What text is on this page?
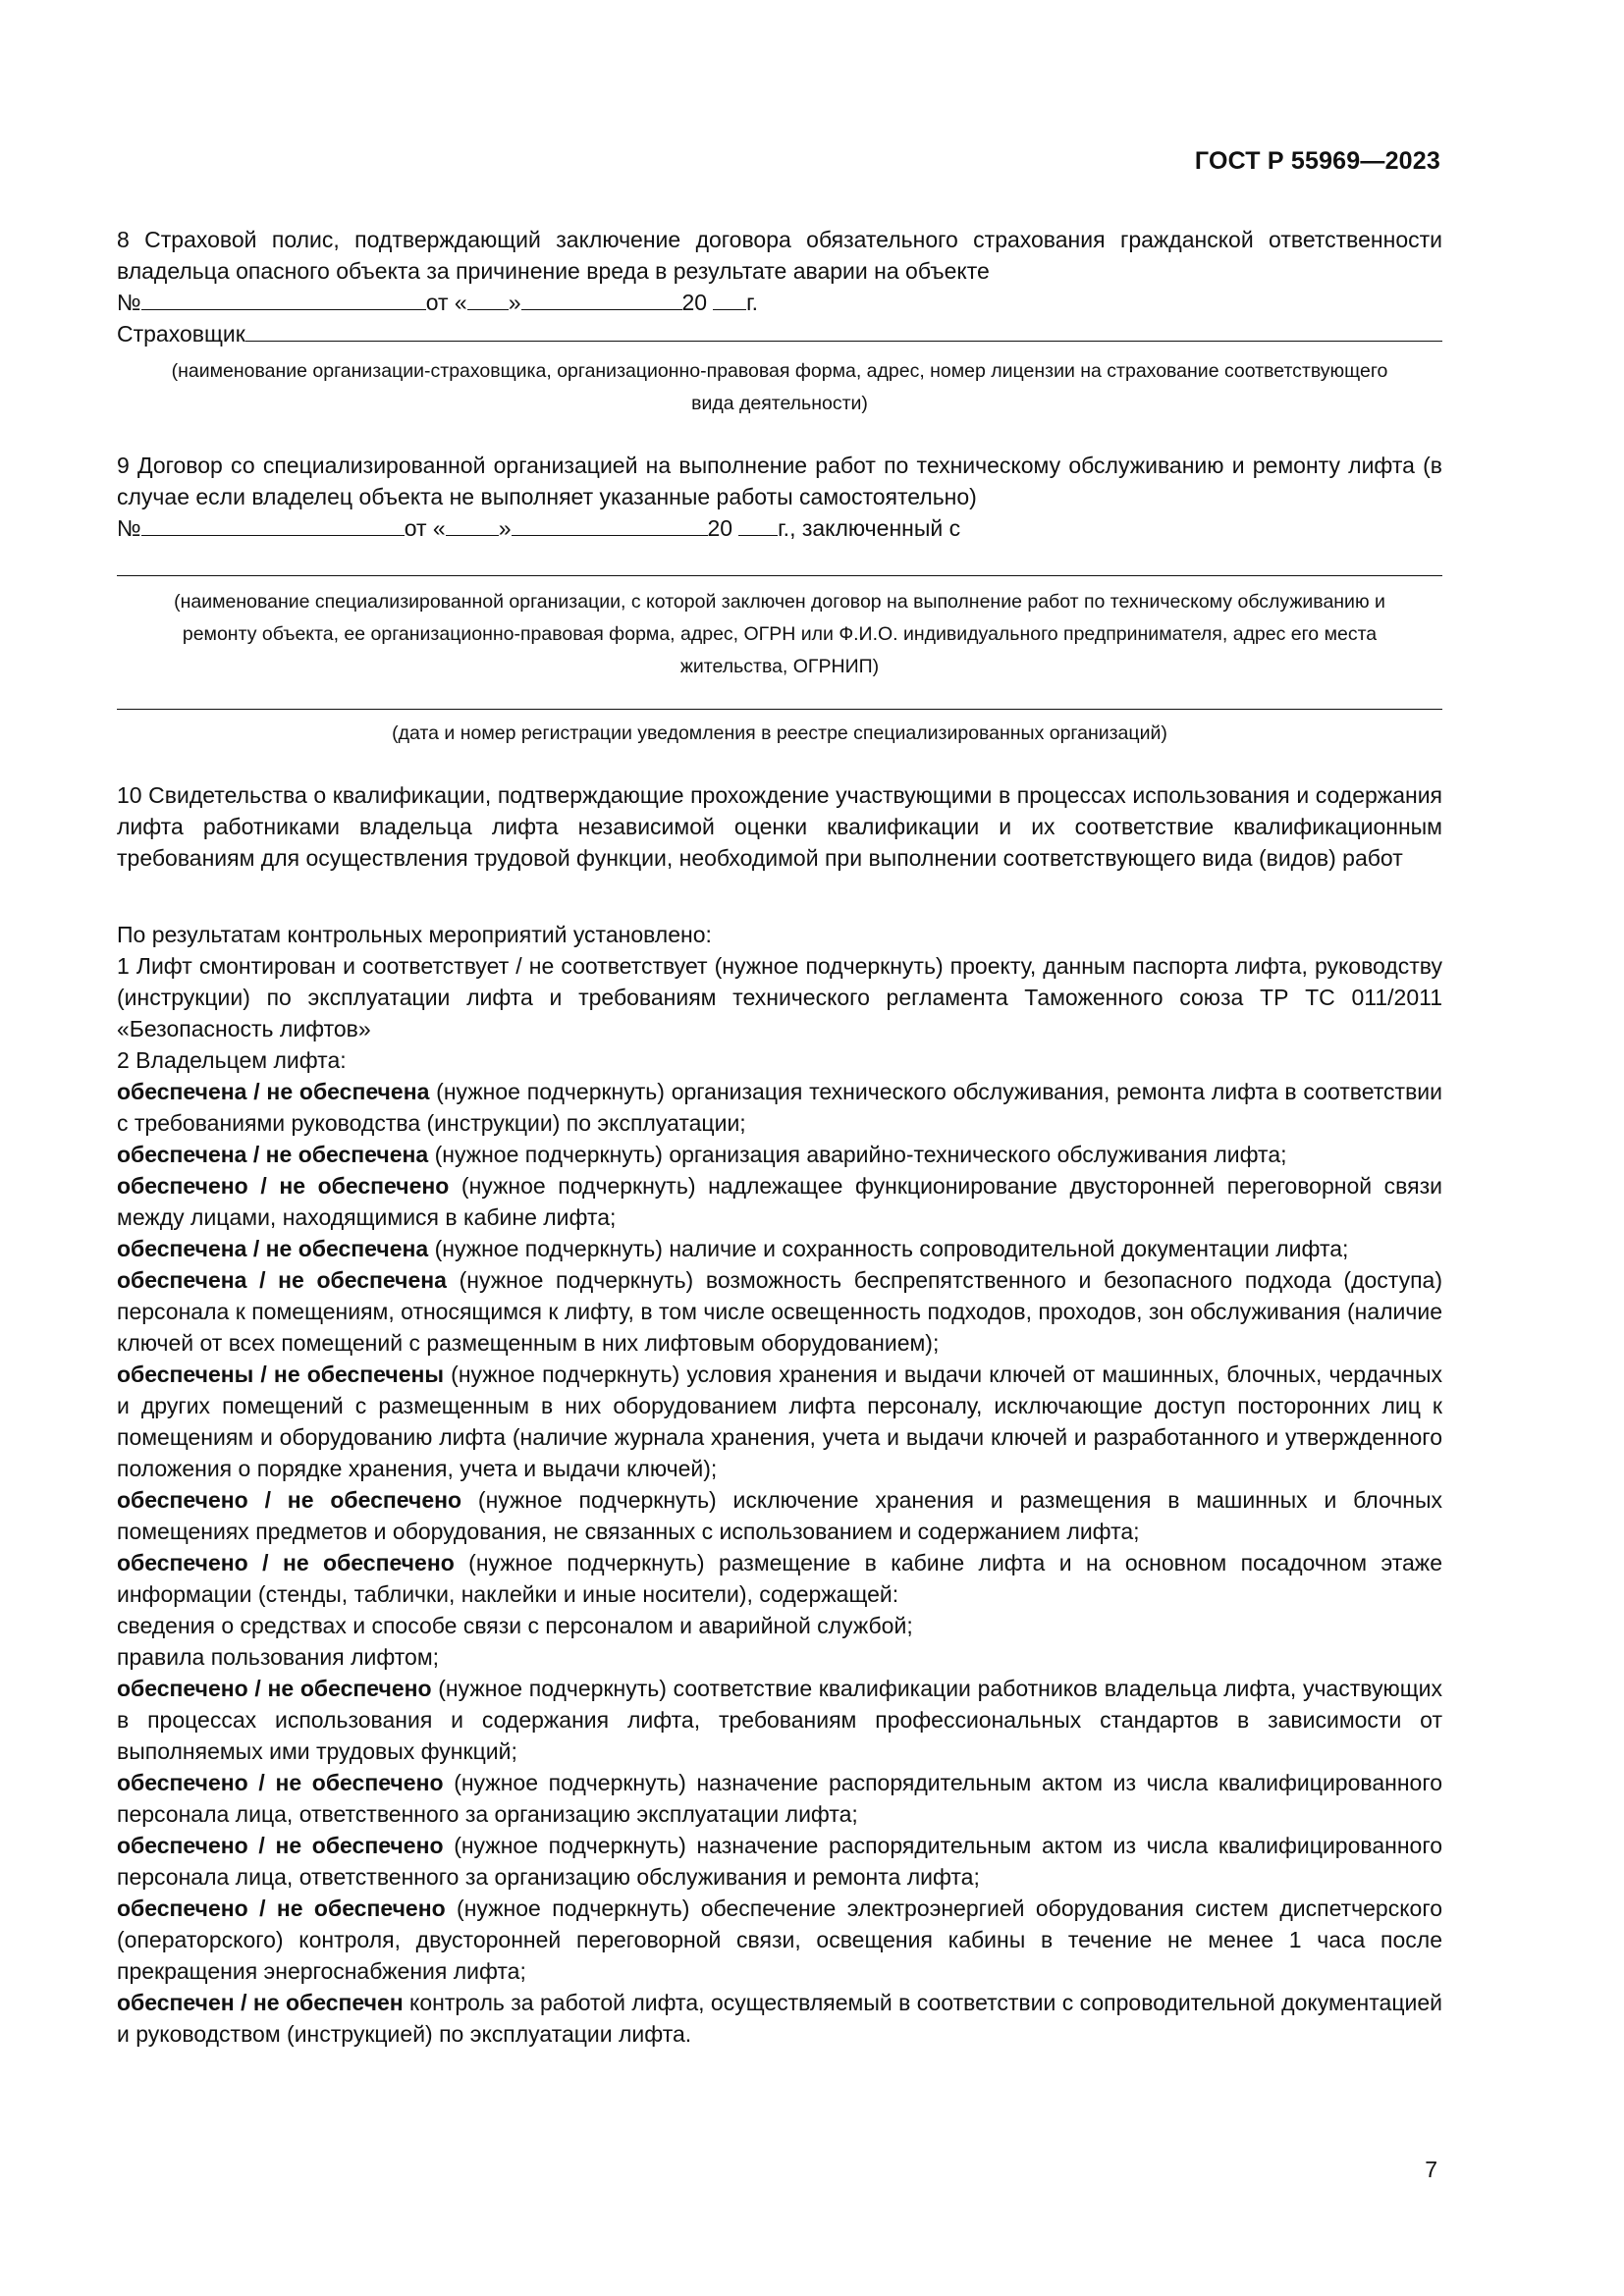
ГОСТ Р 55969—2023

8 Страховой полис, подтверждающий заключение договора обязательного страхования гражданской ответственности владельца опасного объекта за причинение вреда в результате аварии на объекте

№	от « »	20 г.
Страховщик

(наименование организации-страховщика, организационно-правовая форма, адрес, номер лицензии на страхование соответствующего вида деятельности)

9 Договор со специализированной организацией на выполнение работ по техническому обслуживанию и ремонту лифта (в случае если владелец объекта не выполняет указанные работы самостоятельно)

№	от « »	20 г., заключенный с

(наименование специализированной организации, с которой заключен договор на выполнение работ по техническому обслуживанию и ремонту объекта, ее организационно-правовая форма, адрес, ОГРН или Ф.И.О. индивидуального предпринимателя, адрес его места жительства, ОГРНИП)

(дата и номер регистрации уведомления в реестре специализированных организаций)

10 Свидетельства о квалификации, подтверждающие прохождение участвующими в процессах использования и содержания лифта работниками владельца лифта независимой оценки квалификации и их соответствие квалификационным требованиям для осуществления трудовой функции, необходимой при выполнении соответствующего вида (видов) работ

По результатам контрольных мероприятий установлено:

1 Лифт смонтирован и соответствует / не соответствует (нужное подчеркнуть) проекту, данным паспорта лифта, руководству (инструкции) по эксплуатации лифта и требованиям технического регламента Таможенного союза ТР ТС 011/2011 «Безопасность лифтов»

2 Владельцем лифта:

обеспечена / не обеспечена (нужное подчеркнуть) организация технического обслуживания, ремонта лифта в соответствии с требованиями руководства (инструкции) по эксплуатации;

обеспечена / не обеспечена (нужное подчеркнуть) организация аварийно-технического обслуживания лифта;

обеспечено / не обеспечено (нужное подчеркнуть) надлежащее функционирование двусторонней переговорной связи между лицами, находящимися в кабине лифта;

обеспечена / не обеспечена (нужное подчеркнуть) наличие и сохранность сопроводительной документации лифта;

обеспечена / не обеспечена (нужное подчеркнуть) возможность беспрепятственного и безопасного подхода (доступа) персонала к помещениям, относящимся к лифту, в том числе освещенность подходов, проходов, зон обслуживания (наличие ключей от всех помещений с размещенным в них лифтовым оборудованием);

обеспечены / не обеспечены (нужное подчеркнуть) условия хранения и выдачи ключей от машинных, блочных, чердачных и других помещений с размещенным в них оборудованием лифта персоналу, исключающие доступ посторонних лиц к помещениям и оборудованию лифта (наличие журнала хранения, учета и выдачи ключей и разработанного и утвержденного положения о порядке хранения, учета и выдачи ключей);

обеспечено / не обеспечено (нужное подчеркнуть) исключение хранения и размещения в машинных и блочных помещениях предметов и оборудования, не связанных с использованием и содержанием лифта;

обеспечено / не обеспечено (нужное подчеркнуть) размещение в кабине лифта и на основном посадочном этаже информации (стенды, таблички, наклейки и иные носители), содержащей:

сведения о средствах и способе связи с персоналом и аварийной службой;

правила пользования лифтом;

обеспечено / не обеспечено (нужное подчеркнуть) соответствие квалификации работников владельца лифта, участвующих в процессах использования и содержания лифта, требованиям профессиональных стандартов в зависимости от выполняемых ими трудовых функций;

обеспечено / не обеспечено (нужное подчеркнуть) назначение распорядительным актом из числа квалифицированного персонала лица, ответственного за организацию эксплуатации лифта;

обеспечено / не обеспечено (нужное подчеркнуть) назначение распорядительным актом из числа квалифицированного персонала лица, ответственного за организацию обслуживания и ремонта лифта;

обеспечено / не обеспечено (нужное подчеркнуть) обеспечение электроэнергией оборудования систем диспетчерского (операторского) контроля, двусторонней переговорной связи, освещения кабины в течение не менее 1 часа после прекращения энергоснабжения лифта;

обеспечен / не обеспечен контроль за работой лифта, осуществляемый в соответствии с сопроводительной документацией и руководством (инструкцией) по эксплуатации лифта.

7
